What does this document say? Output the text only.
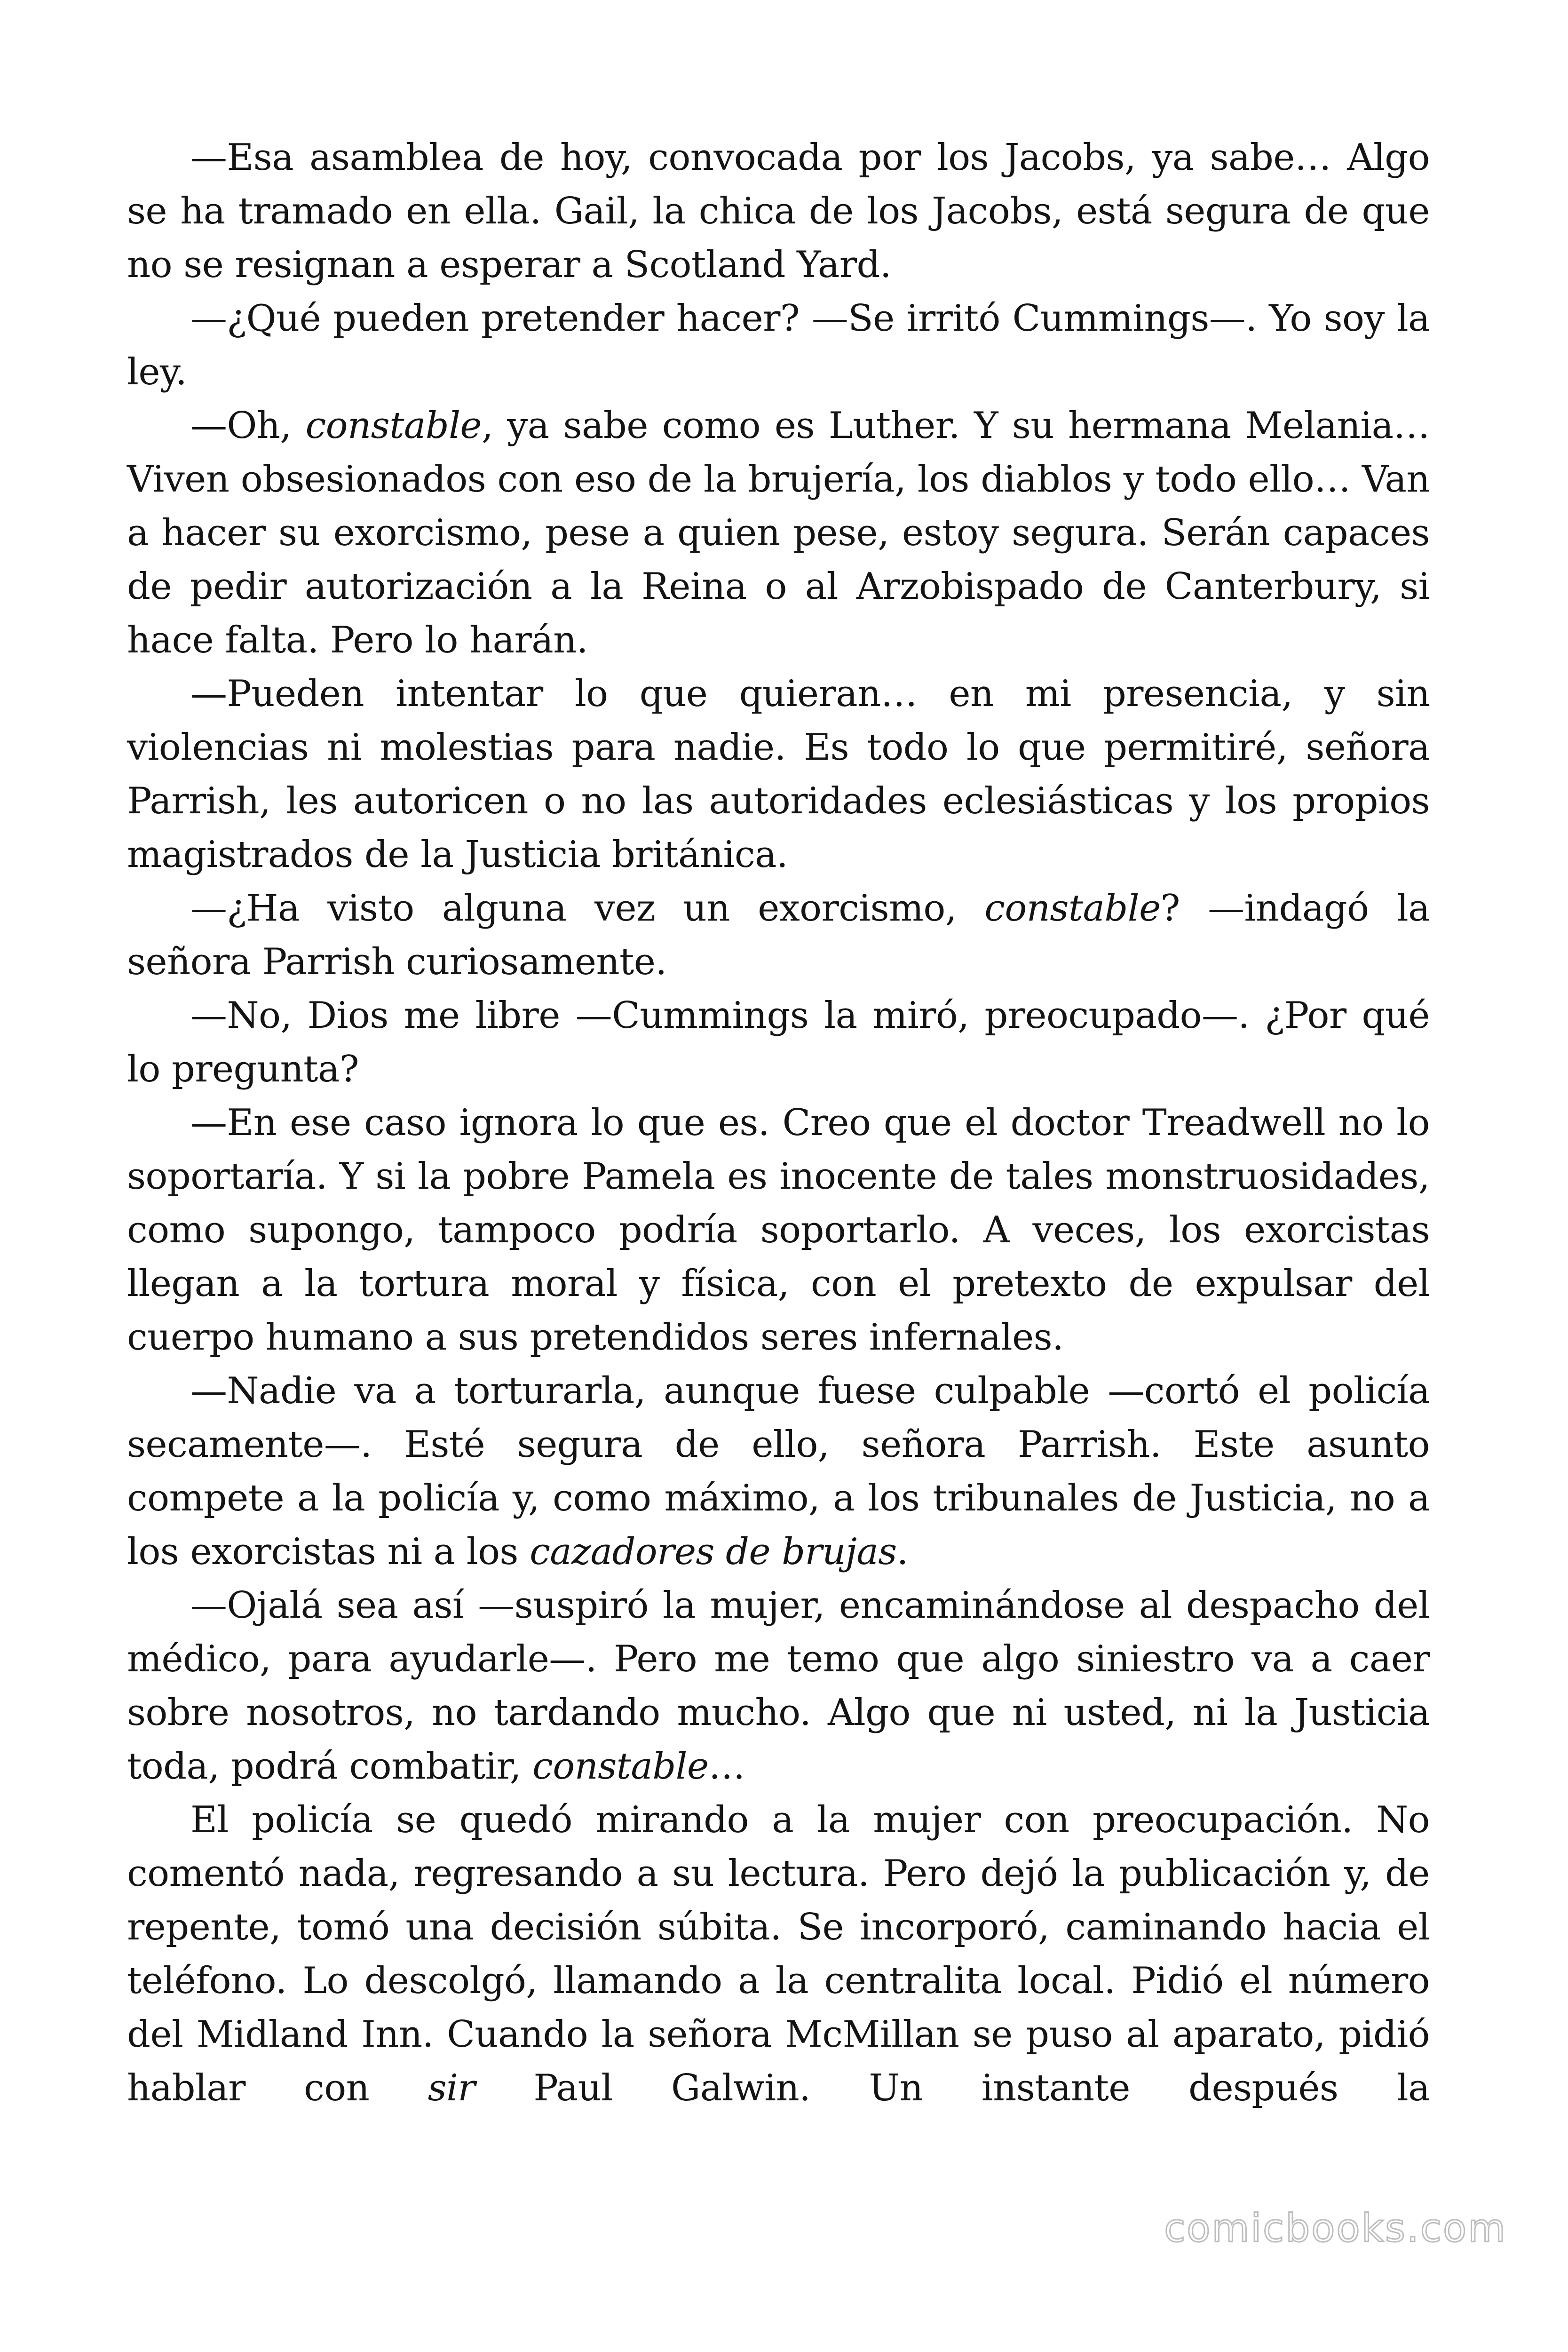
—Esa asamblea de hoy, convocada por los Jacobs, ya sabe… Algo se ha tramado en ella. Gail, la chica de los Jacobs, está segura de que no se resignan a esperar a Scotland Yard.

—¿Qué pueden pretender hacer? —Se irritó Cummings—. Yo soy la ley.

—Oh, constable, ya sabe como es Luther. Y su hermana Melania… Viven obsesionados con eso de la brujería, los diablos y todo ello… Van a hacer su exorcismo, pese a quien pese, estoy segura. Serán capaces de pedir autorización a la Reina o al Arzobispado de Canterbury, si hace falta. Pero lo harán.

—Pueden intentar lo que quieran… en mi presencia, y sin violencias ni molestias para nadie. Es todo lo que permitiré, señora Parrish, les autoricen o no las autoridades eclesiásticas y los propios magistrados de la Justicia británica.

—¿Ha visto alguna vez un exorcismo, constable? —indagó la señora Parrish curiosamente.

—No, Dios me libre —Cummings la miró, preocupado—. ¿Por qué lo pregunta?

—En ese caso ignora lo que es. Creo que el doctor Treadwell no lo soportaría. Y si la pobre Pamela es inocente de tales monstruosidades, como supongo, tampoco podría soportarlo. A veces, los exorcistas llegan a la tortura moral y física, con el pretexto de expulsar del cuerpo humano a sus pretendidos seres infernales.

—Nadie va a torturarla, aunque fuese culpable —cortó el policía secamente—. Esté segura de ello, señora Parrish. Este asunto compete a la policía y, como máximo, a los tribunales de Justicia, no a los exorcistas ni a los cazadores de brujas.

—Ojalá sea así —suspiró la mujer, encaminándose al despacho del médico, para ayudarle—. Pero me temo que algo siniestro va a caer sobre nosotros, no tardando mucho. Algo que ni usted, ni la Justicia toda, podrá combatir, constable…

El policía se quedó mirando a la mujer con preocupación. No comentó nada, regresando a su lectura. Pero dejó la publicación y, de repente, tomó una decisión súbita. Se incorporó, caminando hacia el teléfono. Lo descolgó, llamando a la centralita local. Pidió el número del Midland Inn. Cuando la señora McMillan se puso al aparato, pidió hablar con sir Paul Galwin. Un instante después la

comicbooks.com
